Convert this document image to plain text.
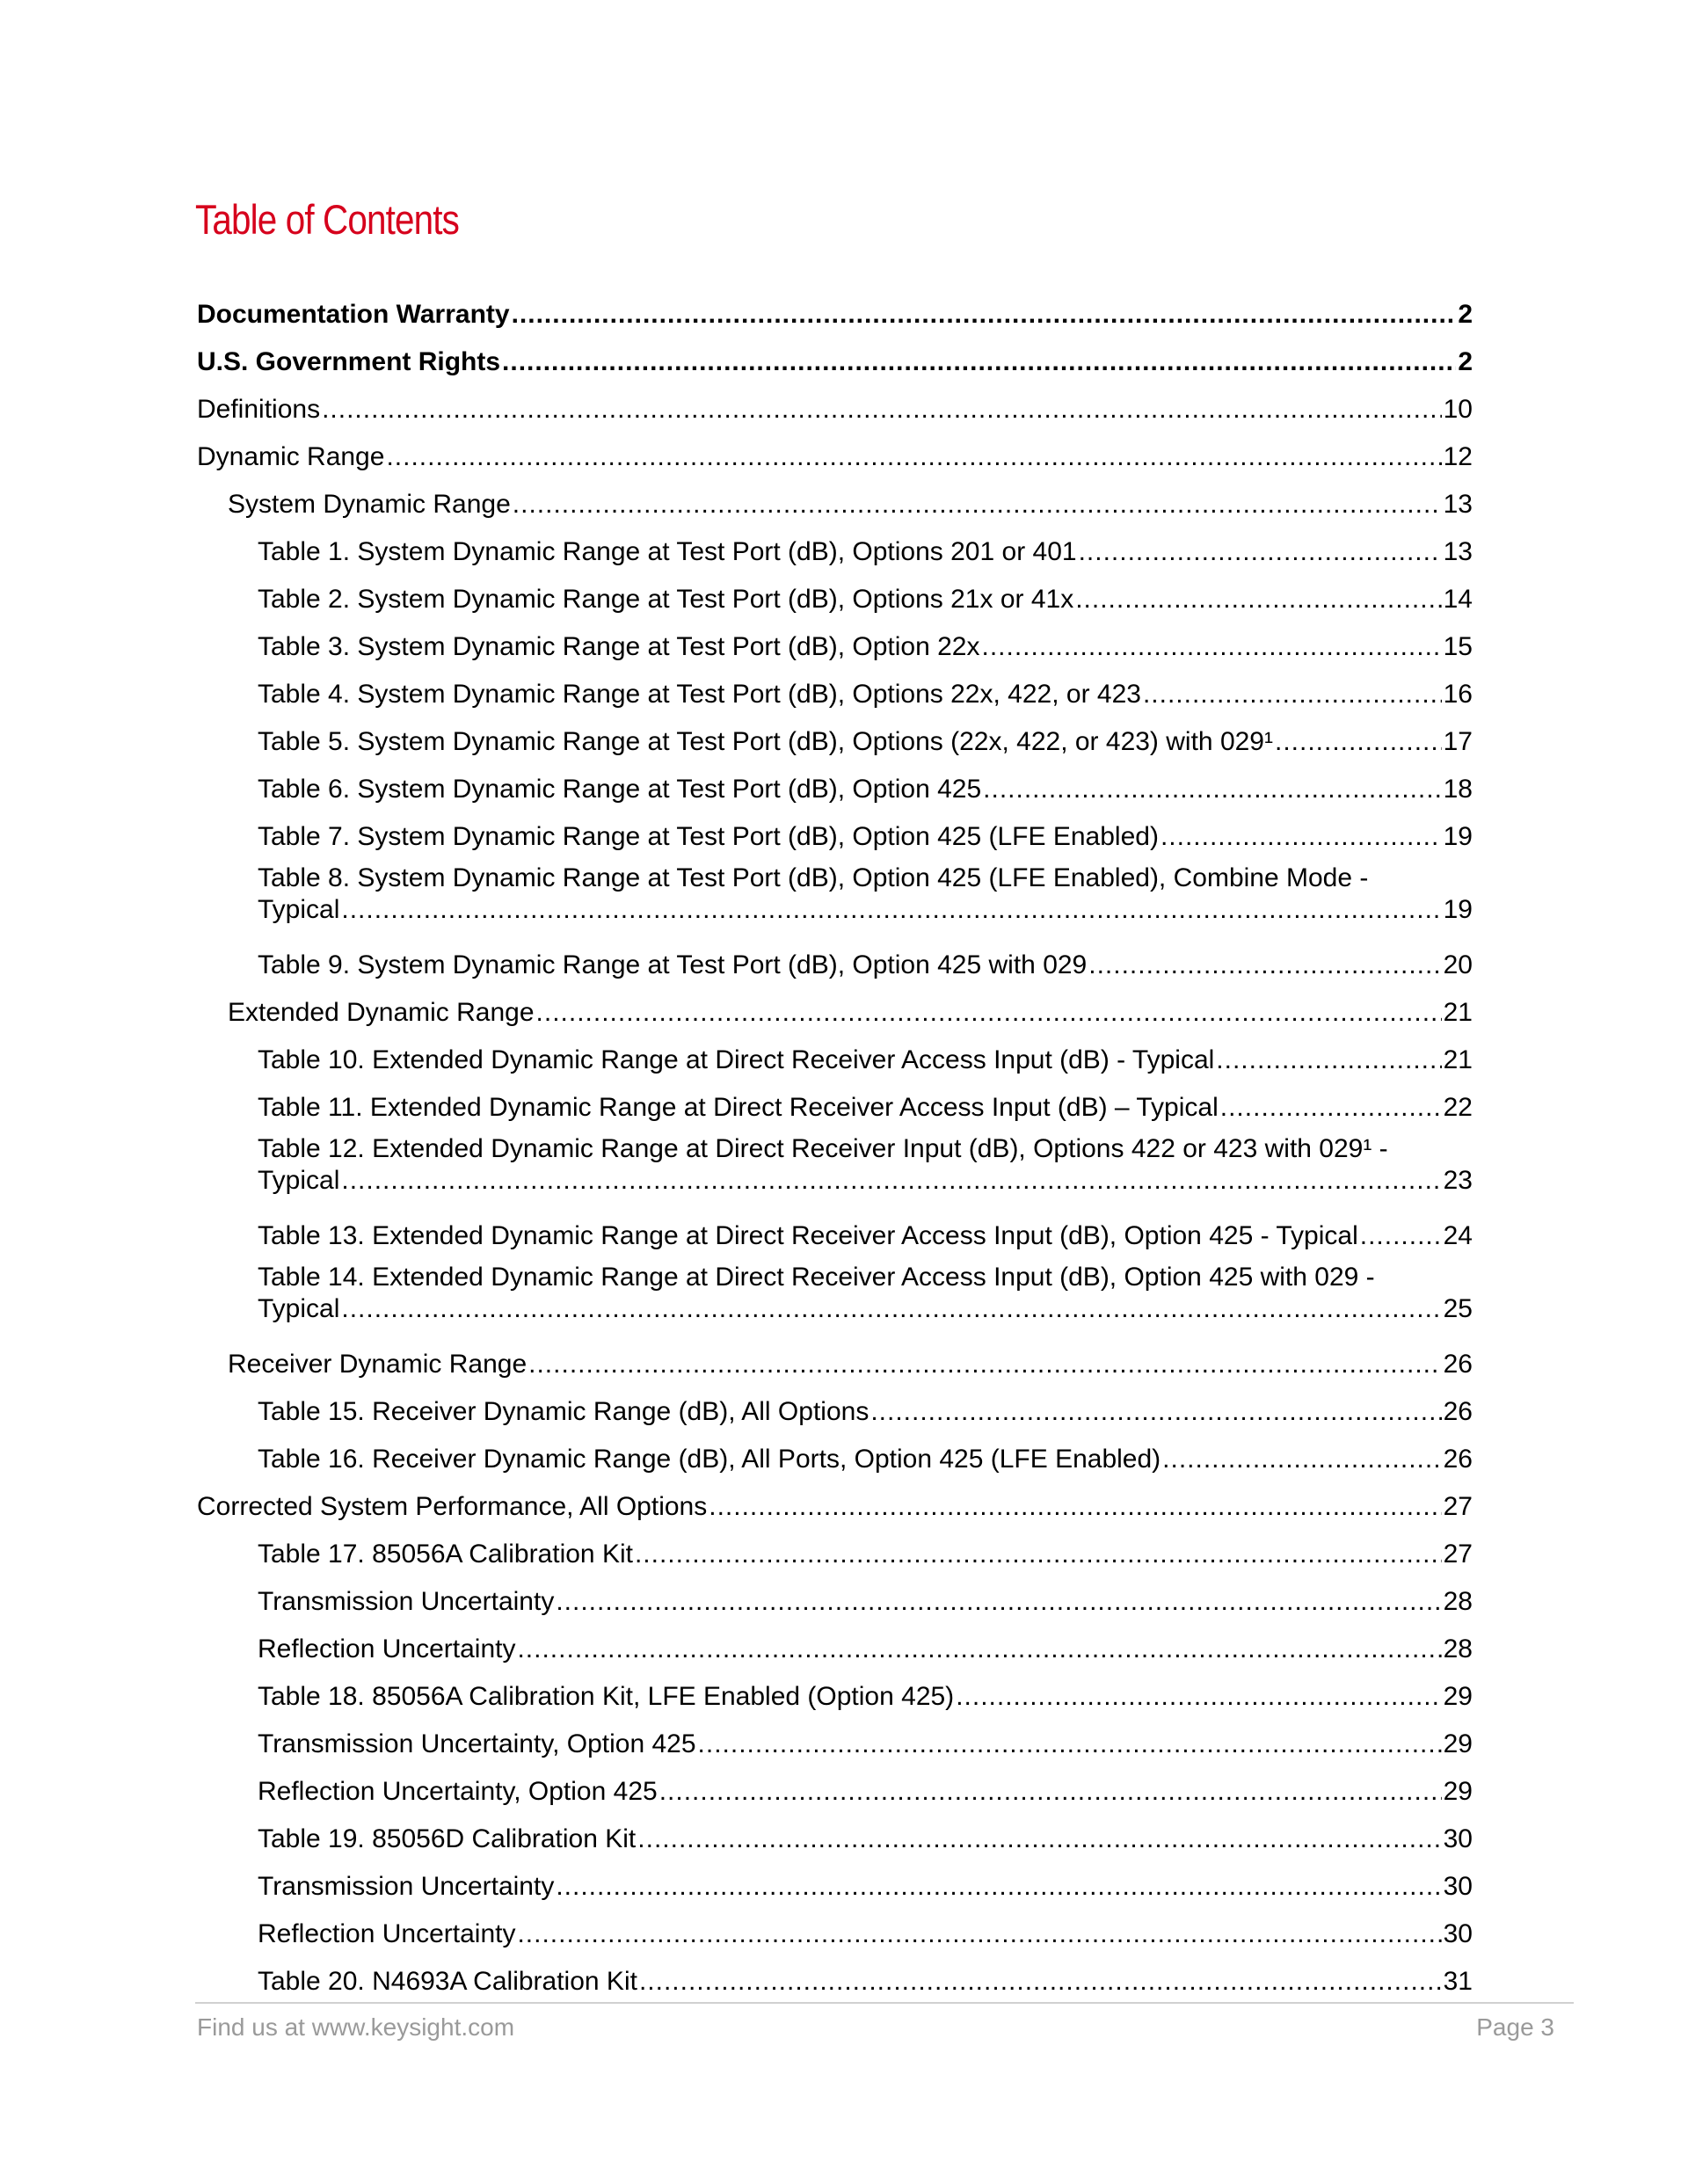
Table of Contents
Documentation Warranty .....	2
U.S. Government Rights .....	2
Definitions .....	10
Dynamic Range .....	12
System Dynamic Range .....	13
Table 1. System Dynamic Range at Test Port (dB), Options 201 or 401 .....	13
Table 2. System Dynamic Range at Test Port (dB), Options 21x or 41x .....	14
Table 3. System Dynamic Range at Test Port (dB), Option 22x .....	15
Table 4. System Dynamic Range at Test Port (dB), Options 22x, 422, or 423 .....	16
Table 5. System Dynamic Range at Test Port (dB), Options (22x, 422, or 423) with 029¹ .....	17
Table 6. System Dynamic Range at Test Port (dB), Option 425 .....	18
Table 7. System Dynamic Range at Test Port (dB), Option 425 (LFE Enabled) .....	19
Table 8. System Dynamic Range at Test Port (dB), Option 425 (LFE Enabled), Combine Mode -
Typical .....	19
Table 9. System Dynamic Range at Test Port (dB), Option 425 with 029 .....	20
Extended Dynamic Range .....	21
Table 10. Extended Dynamic Range at Direct Receiver Access Input (dB) - Typical .....	21
Table 11. Extended Dynamic Range at Direct Receiver Access Input (dB) – Typical .....	22
Table 12. Extended Dynamic Range at Direct Receiver Input (dB), Options 422 or 423 with 029¹ -
Typical .....	23
Table 13. Extended Dynamic Range at Direct Receiver Access Input (dB), Option 425 - Typical .....	24
Table 14. Extended Dynamic Range at Direct Receiver Access Input (dB), Option 425 with 029 -
Typical .....	25
Receiver Dynamic Range .....	26
Table 15. Receiver Dynamic Range (dB), All Options .....	26
Table 16. Receiver Dynamic Range (dB), All Ports, Option 425 (LFE Enabled) .....	26
Corrected System Performance, All Options .....	27
Table 17. 85056A Calibration Kit .....	27
Transmission Uncertainty .....	28
Reflection Uncertainty .....	28
Table 18. 85056A Calibration Kit, LFE Enabled (Option 425) .....	29
Transmission Uncertainty, Option 425 .....	29
Reflection Uncertainty, Option 425 .....	29
Table 19. 85056D Calibration Kit .....	30
Transmission Uncertainty .....	30
Reflection Uncertainty .....	30
Table 20. N4693A Calibration Kit .....	31
Find us at www.keysight.com	Page 3
